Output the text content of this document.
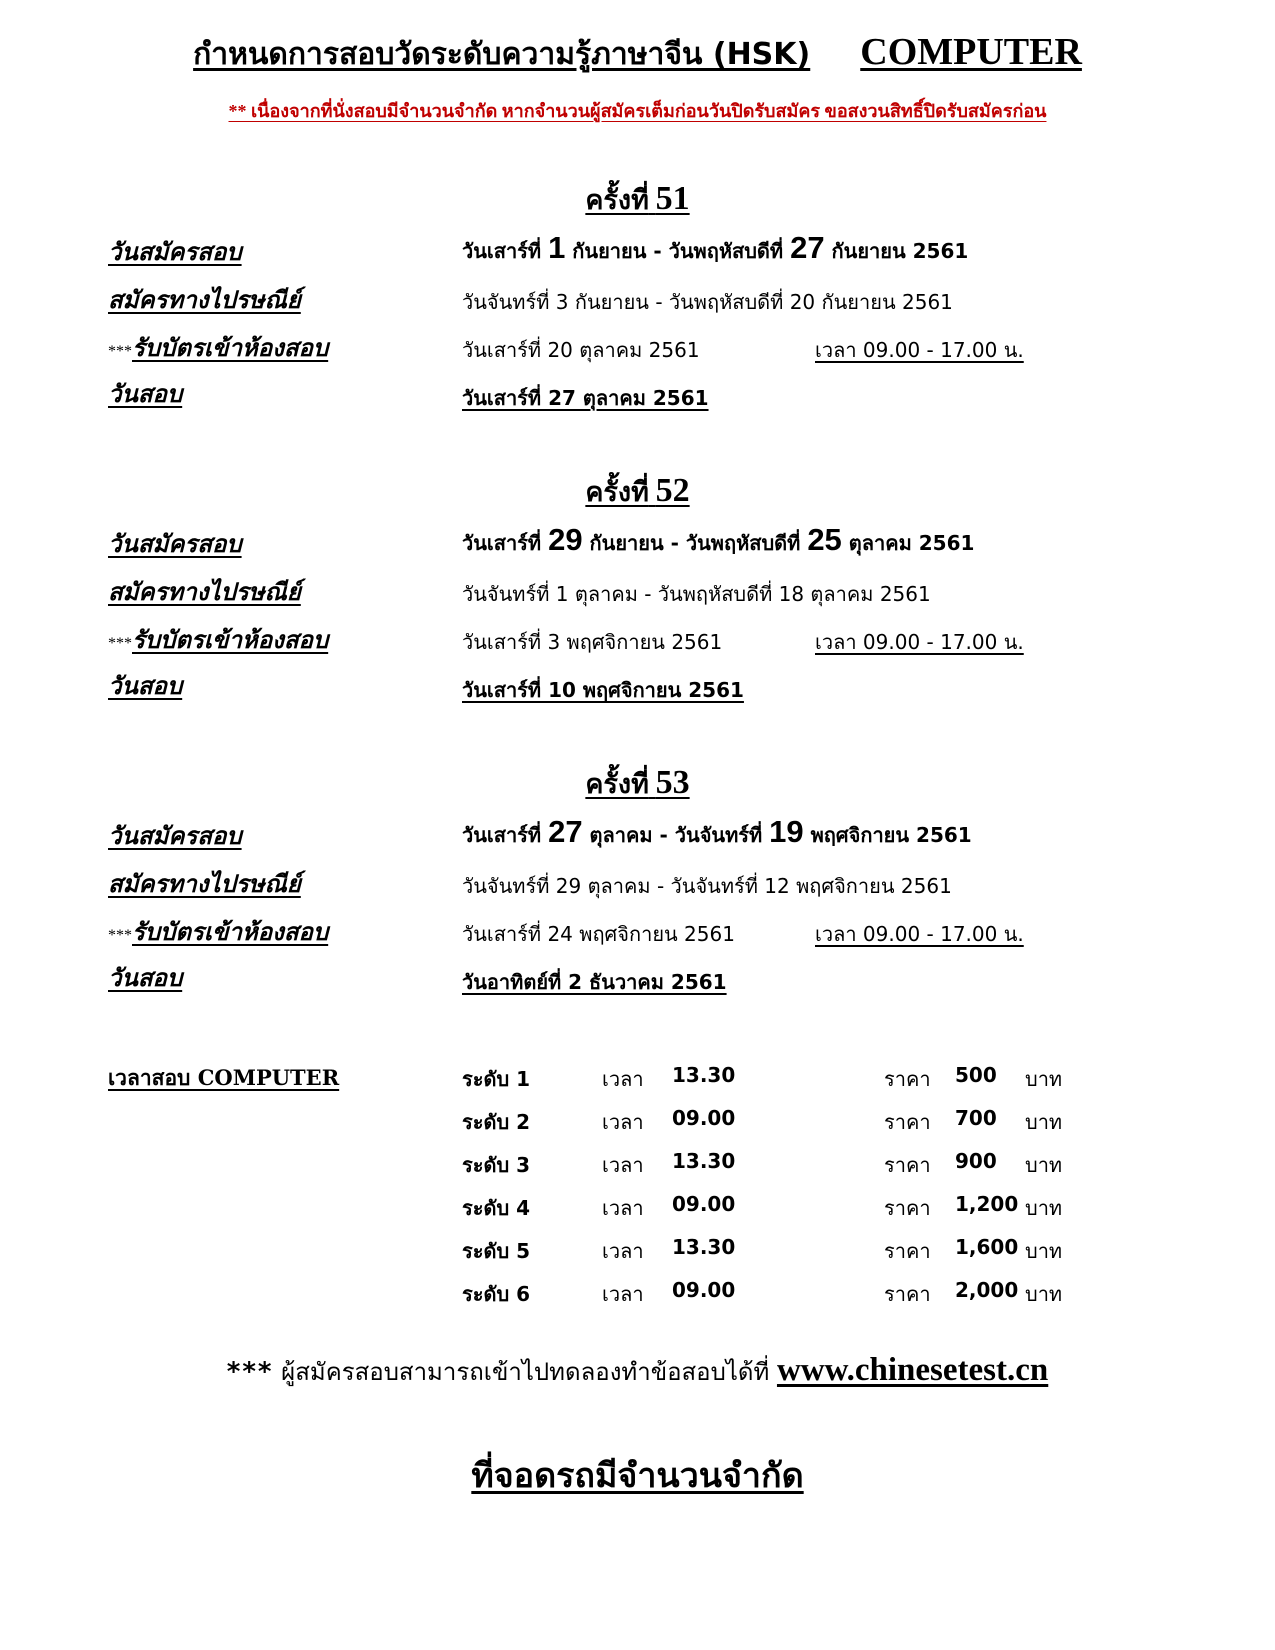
กำหนดการสอบวัดระดับความรู้ภาษาจีน (HSK) COMPUTER
** เนื่องจากที่นั่งสอบมีจำนวนจำกัด หากจำนวนผู้สมัครเต็มก่อนวันปิดรับสมัคร ขอสงวนสิทธิ์ปิดรับสมัครก่อน
ครั้งที่ 51
วันสมัครสอบ	วันเสาร์ที่ 1 กันยายน - วันพฤหัสบดีที่ 27 กันยายน 2561
สมัครทางไปรษณีย์	วันจันทร์ที่ 3 กันยายน - วันพฤหัสบดีที่ 20 กันยายน 2561
***รับบัตรเข้าห้องสอบ	วันเสาร์ที่ 20 ตุลาคม 2561	เวลา 09.00 - 17.00 น.
วันสอบ	วันเสาร์ที่ 27 ตุลาคม 2561
ครั้งที่ 52
วันสมัครสอบ	วันเสาร์ที่ 29 กันยายน - วันพฤหัสบดีที่ 25 ตุลาคม 2561
สมัครทางไปรษณีย์	วันจันทร์ที่ 1 ตุลาคม - วันพฤหัสบดีที่ 18 ตุลาคม 2561
***รับบัตรเข้าห้องสอบ	วันเสาร์ที่ 3 พฤศจิกายน 2561	เวลา 09.00 - 17.00 น.
วันสอบ	วันเสาร์ที่ 10 พฤศจิกายน 2561
ครั้งที่ 53
วันสมัครสอบ	วันเสาร์ที่ 27 ตุลาคม - วันจันทร์ที่ 19 พฤศจิกายน 2561
สมัครทางไปรษณีย์	วันจันทร์ที่ 29 ตุลาคม - วันจันทร์ที่ 12 พฤศจิกายน 2561
***รับบัตรเข้าห้องสอบ	วันเสาร์ที่ 24 พฤศจิกายน 2561	เวลา 09.00 - 17.00 น.
วันสอบ	วันอาทิตย์ที่ 2 ธันวาคม 2561
เวลาสอบ COMPUTER	ระดับ 1	เวลา 13.30	ราคา 500 บาท
ระดับ 2	เวลา 09.00	ราคา 700 บาท
ระดับ 3	เวลา 13.30	ราคา 900 บาท
ระดับ 4	เวลา 09.00	ราคา 1,200 บาท
ระดับ 5	เวลา 13.30	ราคา 1,600 บาท
ระดับ 6	เวลา 09.00	ราคา 2,000 บาท
*** ผู้สมัครสอบสามารถเข้าไปทดลองทำข้อสอบได้ที่ www.chinesetest.cn
ที่จอดรถมีจำนวนจำกัด
